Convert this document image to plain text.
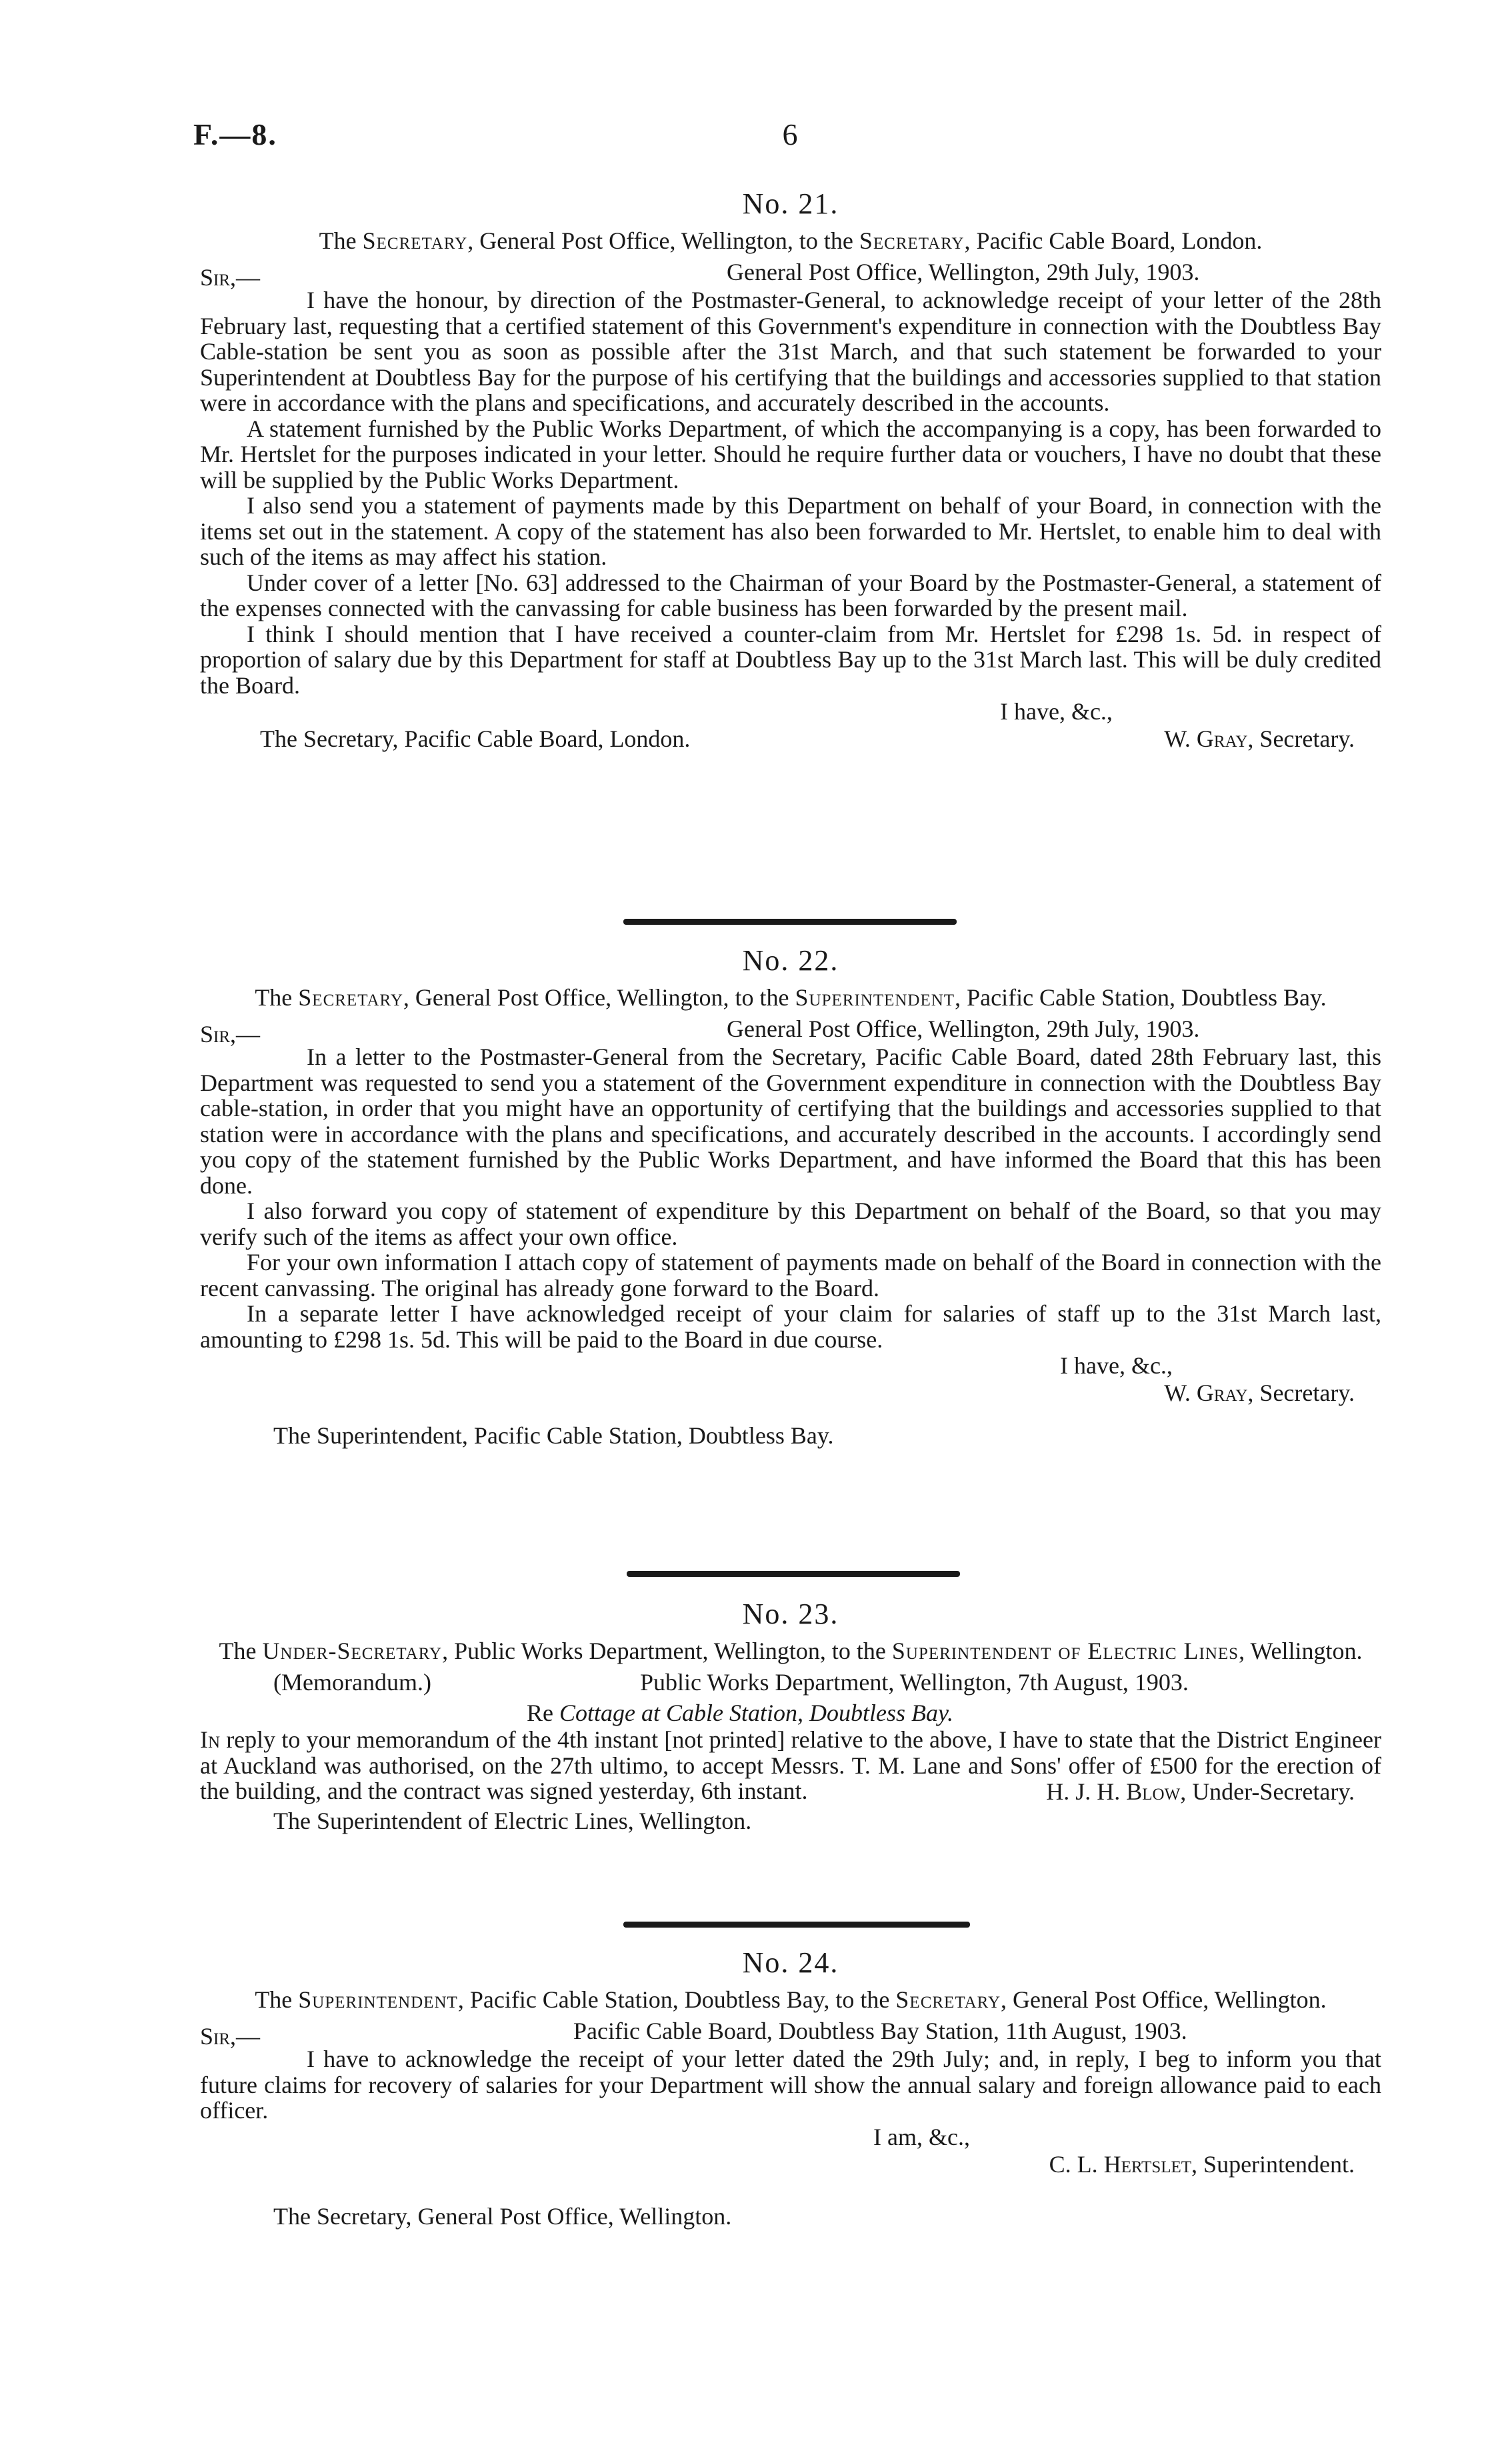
F.—8.	6
No. 21.
The Secretary, General Post Office, Wellington, to the Secretary, Pacific Cable Board, London.
Sir,—	General Post Office, Wellington, 29th July, 1903.

I have the honour, by direction of the Postmaster-General, to acknowledge receipt of your letter of the 28th February last, requesting that a certified statement of this Government's expenditure in connection with the Doubtless Bay Cable-station be sent you as soon as possible after the 31st March, and that such statement be forwarded to your Superintendent at Doubtless Bay for the purpose of his certifying that the buildings and accessories supplied to that station were in accordance with the plans and specifications, and accurately described in the accounts.

A statement furnished by the Public Works Department, of which the accompanying is a copy, has been forwarded to Mr. Hertslet for the purposes indicated in your letter. Should he require further data or vouchers, I have no doubt that these will be supplied by the Public Works Department.

I also send you a statement of payments made by this Department on behalf of your Board, in connection with the items set out in the statement. A copy of the statement has also been forwarded to Mr. Hertslet, to enable him to deal with such of the items as may affect his station.

Under cover of a letter [No. 63] addressed to the Chairman of your Board by the Postmaster-General, a statement of the expenses connected with the canvassing for cable business has been forwarded by the present mail.

I think I should mention that I have received a counter-claim from Mr. Hertslet for £298 1s. 5d. in respect of proportion of salary due by this Department for staff at Doubtless Bay up to the 31st March last. This will be duly credited the Board.

I have, &c.,
The Secretary, Pacific Cable Board, London.	W. Gray, Secretary.
No. 22.
The Secretary, General Post Office, Wellington, to the Superintendent, Pacific Cable Station, Doubtless Bay.
Sir,—	General Post Office, Wellington, 29th July, 1903.

In a letter to the Postmaster-General from the Secretary, Pacific Cable Board, dated 28th February last, this Department was requested to send you a statement of the Government expenditure in connection with the Doubtless Bay cable-station, in order that you might have an opportunity of certifying that the buildings and accessories supplied to that station were in accordance with the plans and specifications, and accurately described in the accounts. I accordingly send you copy of the statement furnished by the Public Works Department, and have informed the Board that this has been done.

I also forward you copy of statement of expenditure by this Department on behalf of the Board, so that you may verify such of the items as affect your own office.

For your own information I attach copy of statement of payments made on behalf of the Board in connection with the recent canvassing. The original has already gone forward to the Board.

In a separate letter I have acknowledged receipt of your claim for salaries of staff up to the 31st March last, amounting to £298 1s. 5d. This will be paid to the Board in due course.

I have, &c.,
W. Gray, Secretary.
The Superintendent, Pacific Cable Station, Doubtless Bay.
No. 23.
The Under-Secretary, Public Works Department, Wellington, to the Superintendent of Electric Lines, Wellington.
(Memorandum.)	Public Works Department, Wellington, 7th August, 1903.
Re Cottage at Cable Station, Doubtless Bay.

In reply to your memorandum of the 4th instant [not printed] relative to the above, I have to state that the District Engineer at Auckland was authorised, on the 27th ultimo, to accept Messrs. T. M. Lane and Sons' offer of £500 for the erection of the building, and the contract was signed yesterday, 6th instant.	H. J. H. Blow, Under-Secretary.
The Superintendent of Electric Lines, Wellington.
No. 24.
The Superintendent, Pacific Cable Station, Doubtless Bay, to the Secretary, General Post Office, Wellington.
Sir,—	Pacific Cable Board, Doubtless Bay Station, 11th August, 1903.

I have to acknowledge the receipt of your letter dated the 29th July; and, in reply, I beg to inform you that future claims for recovery of salaries for your Department will show the annual salary and foreign allowance paid to each officer.

I am, &c.,
C. L. Hertslet, Superintendent.
The Secretary, General Post Office, Wellington.
